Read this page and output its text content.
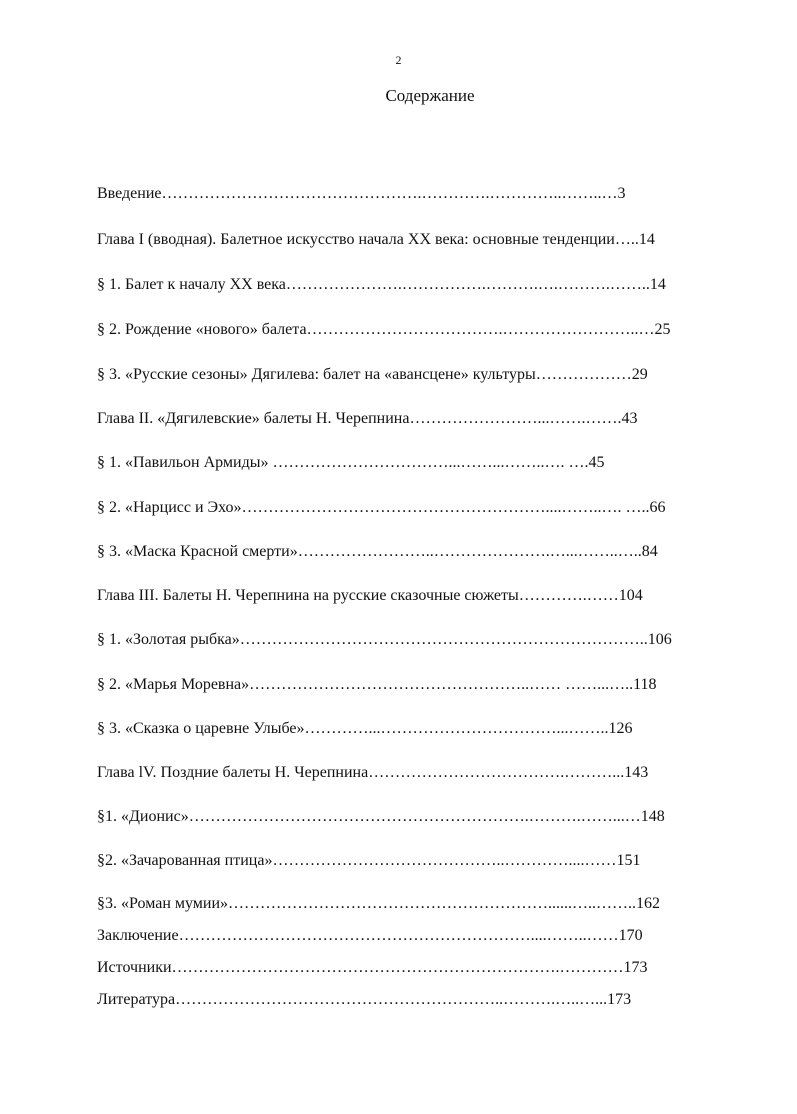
2
Содержание
Введение………………………………………….………….…………..……..…3
Глава I (вводная). Балетное искусство начала XX века: основные тенденции…..14
§ 1. Балет к началу XX века………………….…………….……….….……….……..14
§ 2. Рождение «нового» балета……………………………….……………………..…25
§ 3. «Русские сезоны» Дягилева: балет на «авансцене» культуры………………29
Глава II. «Дягилевские» балеты Н. Черепнина……………………...…….…….43
§ 1. «Павильон Армиды» ……………………………...……...……..…. ….45
§ 2. «Нарцисс и Эхо»…………………………………………………....……..…. …..66
§ 3. «Маска Красной смерти»……………………..………………….…...……..…..84
Глава III. Балеты Н. Черепнина на русские сказочные сюжеты………….……104
§ 1. «Золотая рыбка»…………………………………………………………………..106
§ 2. «Марья Моревна»……………………………………………..…… ……...…..118
§ 3. «Сказка о царевне Улыбе»…………...……………………………...……..126
Глава lV. Поздние балеты Н. Черепнина……………………………….………...143
§1. «Дионис»……………………………………………………….……….……...…148
§2. «Зачарованная птица»……………………………………..…………....……151
§3. «Роман мумии»……………………………………………………......…..……..162
Заключение…………………………………………………………....……..……170
Источники……………………………………………………………….…………173
Литература……………………………………………………..……….…..…...173
